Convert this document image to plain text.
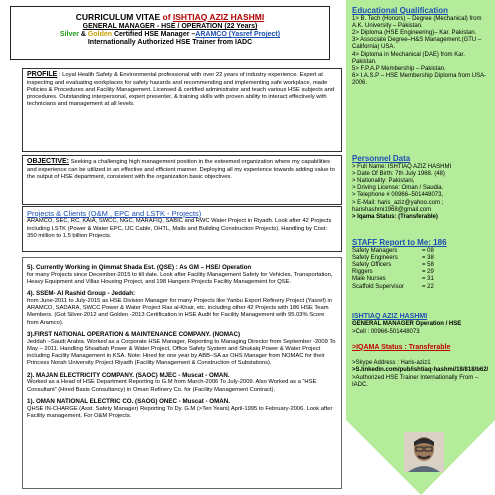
CURRICULUM VITAE of ISHTIAQ AZIZ HASHMI
GENERAL MANAGER - HSE / OPERATION (22 Years)
Silver & Golden Certified HSE Manager –ARAMCO (Yasref Project)
Internationally Authorized HSE Trainer from IADC
PROFILE : Loyal Health Safety & Environmental professional with over 22 years of industry experience. Expert at inspecting and evaluating workplaces for safety hazards and recommending and implementing safe workplace, made Policies & Procedures and Facility Management. Licensed & certified administrator and teach various HSE subjects and procedures. Outstanding interpersonal, expert presenter, & training skills with proven ability to interact effectively with technicians and management at all levels.
OBJECTIVE: Seeking a challenging high management position in the esteemed organization where my capabilities and experience can be utilized in an effective and efficient manner. Deploying all my experience towards adding value to the output of HSE department, consistent with the organization basic objectives.
Projects & Clients (O&M , EPC and LSTK - Projects)
ARAMCO, SEC, RC, KAIA, SWCC, NGC, MARAFIQ, SABIC and RWC Water Project in Riyadh. Look after 42 Projects including LSTK (Power & Water EPC, IJC Cable, OHTL, Malls and Building Construction Projects). Handling by Cost: 350 million to 1.5 billion Projects.
5). Currently Working in Qimmat Shada Est. (QSE) : As GM – HSE/ Operation
for many Projects since December-2015 to till date. Look after Facility Management Safety for Vehicles, Transportation, Heavy Equipment and Villas Housing Project, and 198 Hangers Projects Facility Management for QSE.
4). SSEM- Al Rashid Group - Jeddah:
from June-2011 to July-2015 as HSE Division Manager for many Projects like Yanbu Export Refinery Project (Yasref) in ARAMCO, SADARA, SWCC Power & Water Project Ras al-Khair, etc. including other 42 Projects with 186 HSE Team Members. (Got Silver-2012 and Golden -2013 Certification in HSE Audit for Facility Management with 95.03% Score from Aramco).
3).FIRST NATIONAL OPERATION & MAINTENANCE COMPANY. (NOMAC)
Jeddah –Saudi Arabia. Worked as a Corporate HSE Manager, Reporting to Managing Director from September -2009 To May – 2011. Handling Shoaibah Power & Water Project, Office Safety System and Shukaiq Power & Water Project including Facility Management in KSA. Note: Hired for one year by ABB–SA as OHS Manager from NOMAC for their Princess Norah University Project Riyadh (Facility Management & Construction of Substations).
2). MAJAN ELECTRICITY COMPANY. (SAOC) MJEC - Muscat - OMAN.
Worked as a Head of HSE Department Reporting to G.M from March-2006 To July-2009. Also Worked as a “HSE Consultant” (Hired Basis Consultancy) in Oman Refinery Co. for (Facility Management Contract).
1). OMAN NATIONAL ELECTRIC CO. (SAOG) ONEC - Muscat - OMAN.
QHSE IN-CHARGE (Asst. Safety Manager) Reporting To Dy. G.M (>Ten Years) April-1995 to February-2006. Look after Facility management. For O&M Projects.
Educational Qualification
1> B. Tech (Honors) – Degree (Mechanical) from A.K. University – Pakistan.
2> Diploma (HSE Engineering)– Kar. Pakistan.
3> Associate Degree–H&S Management.(GTU – California) USA.
4> Diploma in Mechanical (DAE) from Kar. Pakistan.
5> F.P.A.P Membership – Pakistan.
6> I.A.S.P – HSE Membership Diploma from USA-2006.
Personnel Data
> Full Name: ISHTIAQ AZIZ HASHMI
> Date Of Birth: 7th July 1968. (48)
> Nationality: Pakistani,
> Driving License: Oman / Saudia.
> Telephone # 00966–501448073,
> E-Mail: haris_aziz@yahoo.com ;
harishashmi1968@gmail.com
> Iqama Status: (Transferable)
STAFF Report to Me: 186
Safety Managers	= 08
Safety Engineers	= 38
Safety Officers	= 58
Riggers	= 29
Male Nurses	= 31
Scaffold Supervisor	= 22
ISHTIAQ AZIZ HASHMI
GENERAL MANAGER Operation / HSE
>Cell : 00966-501448073
>IQAMA Status : Transferable
>Skype Address : Haris-aziz1
>S.linkedin.com/pub/ishtiaq-hashmi/18/818/b62/
>Authorized HSE Trainer Internationally From – IADC.
